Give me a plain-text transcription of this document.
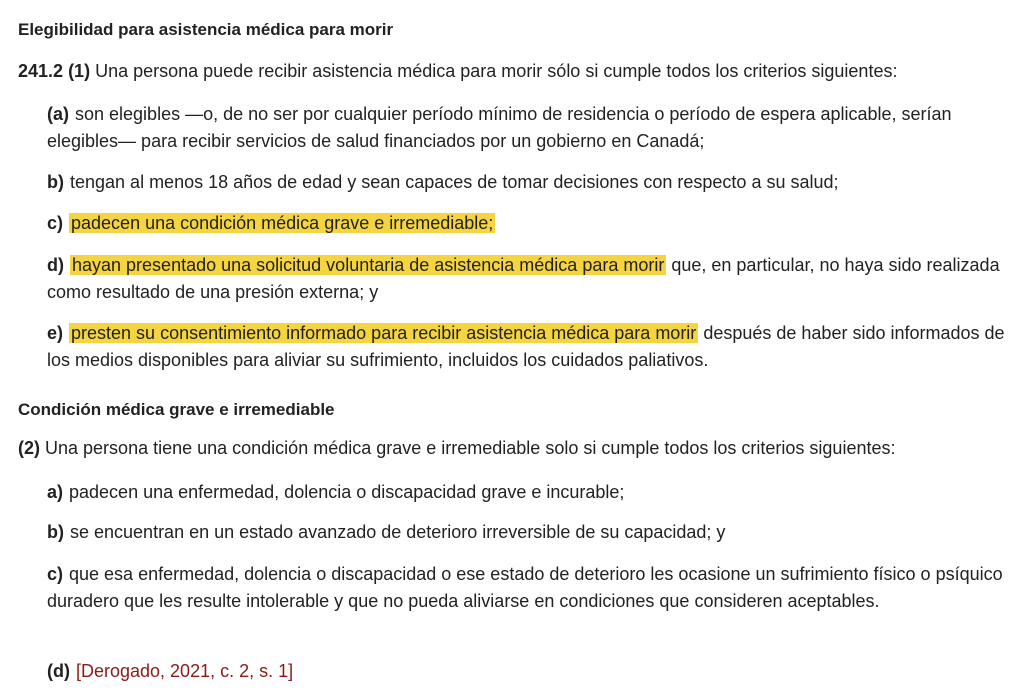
Elegibilidad para asistencia médica para morir
241.2 (1) Una persona puede recibir asistencia médica para morir sólo si cumple todos los criterios siguientes:
(a) son elegibles —o, de no ser por cualquier período mínimo de residencia o período de espera aplicable, serían elegibles— para recibir servicios de salud financiados por un gobierno en Canadá;
b) tengan al menos 18 años de edad y sean capaces de tomar decisiones con respecto a su salud;
c) padecen una condición médica grave e irremediable;
d) hayan presentado una solicitud voluntaria de asistencia médica para morir que, en particular, no haya sido realizada como resultado de una presión externa; y
e) presten su consentimiento informado para recibir asistencia médica para morir después de haber sido informados de los medios disponibles para aliviar su sufrimiento, incluidos los cuidados paliativos.
Condición médica grave e irremediable
(2) Una persona tiene una condición médica grave e irremediable solo si cumple todos los criterios siguientes:
a) padecen una enfermedad, dolencia o discapacidad grave e incurable;
b) se encuentran en un estado avanzado de deterioro irreversible de su capacidad; y
c) que esa enfermedad, dolencia o discapacidad o ese estado de deterioro les ocasione un sufrimiento físico o psíquico duradero que les resulte intolerable y que no pueda aliviarse en condiciones que consideren aceptables.
(d) [Derogado, 2021, c. 2, s. 1]
